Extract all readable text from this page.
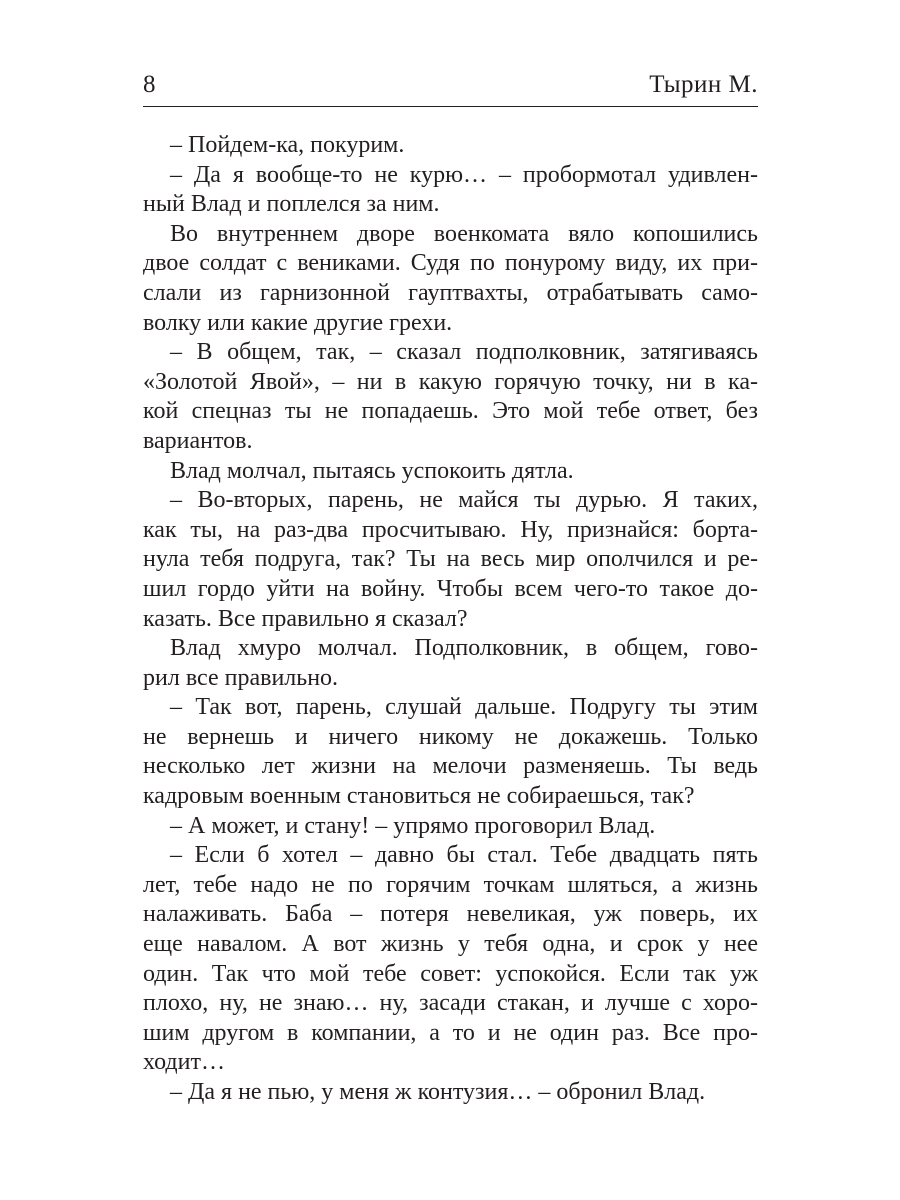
8	Тырин М.
– Пойдем-ка, покурим.
– Да я вообще-то не курю… – пробормотал удивлен-
ный Влад и поплелся за ним.
Во внутреннем дворе военкомата вяло копошились
двое солдат с вениками. Судя по понурому виду, их при-
слали из гарнизонной гауптвахты, отрабатывать само-
волку или какие другие грехи.
– В общем, так, – сказал подполковник, затягиваясь
«Золотой Явой», – ни в какую горячую точку, ни в ка-
кой спецназ ты не попадаешь. Это мой тебе ответ, без
вариантов.
Влад молчал, пытаясь успокоить дятла.
– Во-вторых, парень, не майся ты дурью. Я таких,
как ты, на раз-два просчитываю. Ну, признайся: борта-
нула тебя подруга, так? Ты на весь мир ополчился и ре-
шил гордо уйти на войну. Чтобы всем чего-то такое до-
казать. Все правильно я сказал?
Влад хмуро молчал. Подполковник, в общем, гово-
рил все правильно.
– Так вот, парень, слушай дальше. Подругу ты этим
не вернешь и ничего никому не докажешь. Только
несколько лет жизни на мелочи разменяешь. Ты ведь
кадровым военным становиться не собираешься, так?
– А может, и стану! – упрямо проговорил Влад.
– Если б хотел – давно бы стал. Тебе двадцать пять
лет, тебе надо не по горячим точкам шляться, а жизнь
налаживать. Баба – потеря невеликая, уж поверь, их
еще навалом. А вот жизнь у тебя одна, и срок у нее
один. Так что мой тебе совет: успокойся. Если так уж
плохо, ну, не знаю… ну, засади стакан, и лучше с хоро-
шим другом в компании, а то и не один раз. Все про-
ходит…
– Да я не пью, у меня ж контузия… – обронил Влад.
